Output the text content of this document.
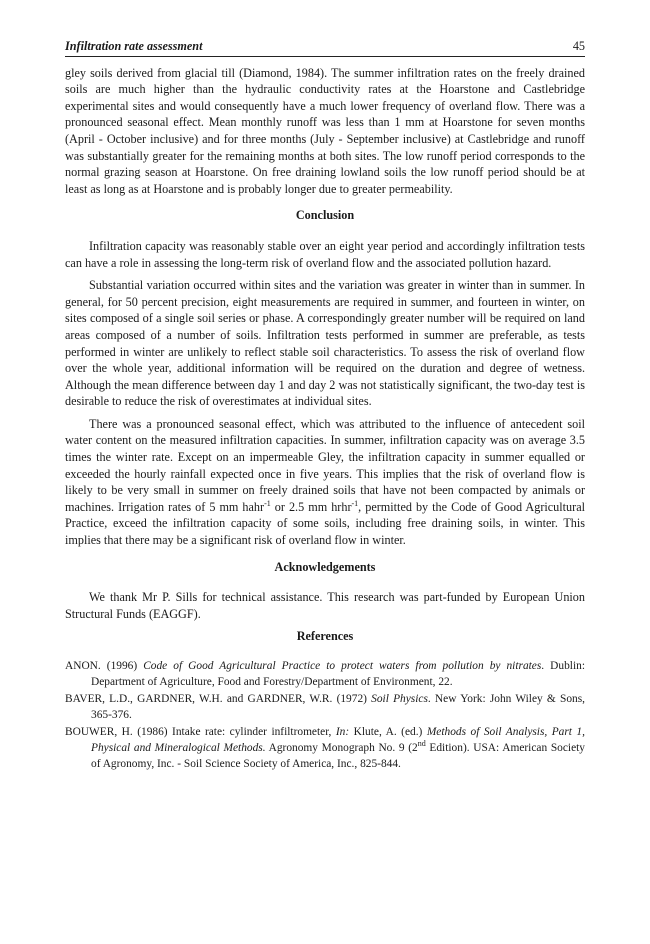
Infiltration rate assessment	45

gley soils derived from glacial till (Diamond, 1984). The summer infiltration rates on the freely drained soils are much higher than the hydraulic conductivity rates at the Hoarstone and Castlebridge experimental sites and would consequently have a much lower frequency of overland flow. There was a pronounced seasonal effect. Mean monthly runoff was less than 1 mm at Hoarstone for seven months (April - October inclusive) and for three months (July - September inclusive) at Castlebridge and runoff was substantially greater for the remaining months at both sites. The low runoff period corresponds to the normal grazing season at Hoarstone. On free draining lowland soils the low runoff period should be at least as long as at Hoarstone and is probably longer due to greater permeability.

Conclusion

Infiltration capacity was reasonably stable over an eight year period and accordingly infiltration tests can have a role in assessing the long-term risk of overland flow and the associated pollution hazard.

Substantial variation occurred within sites and the variation was greater in winter than in summer. In general, for 50 percent precision, eight measurements are required in summer, and fourteen in winter, on sites composed of a single soil series or phase. A correspondingly greater number will be required on land areas composed of a number of soils. Infiltration tests performed in summer are preferable, as tests performed in winter are unlikely to reflect stable soil characteristics. To assess the risk of overland flow over the whole year, additional information will be required on the duration and degree of wetness. Although the mean difference between day 1 and day 2 was not statistically significant, the two-day test is desirable to reduce the risk of overestimates at individual sites.

There was a pronounced seasonal effect, which was attributed to the influence of antecedent soil water content on the measured infiltration capacities. In summer, infiltration capacity was on average 3.5 times the winter rate. Except on an impermeable Gley, the infiltration capacity in summer equalled or exceeded the hourly rainfall expected once in five years. This implies that the risk of overland flow is likely to be very small in summer on freely drained soils that have not been compacted by animals or machines. Irrigation rates of 5 mm hahr$^{-1}$ or 2.5 mm hrhr$^{-1}$, permitted by the Code of Good Agricultural Practice, exceed the infiltration capacity of some soils, including free draining soils, in winter. This implies that there may be a significant risk of overland flow in winter.

Acknowledgements

We thank Mr P. Sills for technical assistance. This research was part-funded by European Union Structural Funds (EAGGF).

References
ANON. (1996) Code of Good Agricultural Practice to protect waters from pollution by nitrates. Dublin: Department of Agriculture, Food and Forestry/Department of Environment, 22.
BAVER, L.D., GARDNER, W.H. and GARDNER, W.R. (1972) Soil Physics. New York: John Wiley & Sons, 365-376.
BOUWER, H. (1986) Intake rate: cylinder infiltrometer, In: Klute, A. (ed.) Methods of Soil Analysis, Part 1, Physical and Mineralogical Methods. Agronomy Monograph No. 9 (2nd Edition). USA: American Society of Agronomy, Inc. - Soil Science Society of America, Inc., 825-844.
